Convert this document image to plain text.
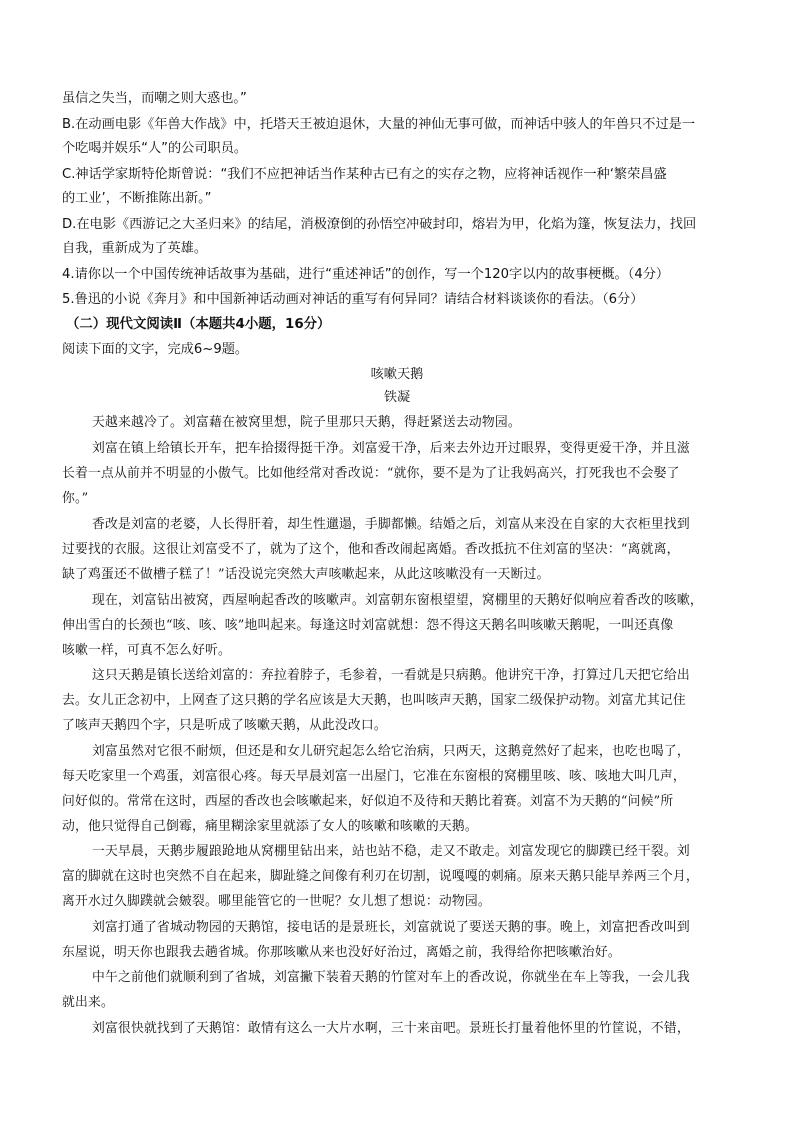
虽信之失当，而嘲之则大惑也。”
B.在动画电影《年兽大作战》中，托塔天王被迫退休，大量的神仙无事可做，而神话中骇人的年兽只不过是一
个吃喝并娱乐“人”的公司职员。
C.神话学家斯特伦斯曾说：“我们不应把神话当作某种古已有之的实存之物，应将神话视作一种‘繁荣昌盛
的工业’，不断推陈出新。”
D.在电影《西游记之大圣归来》的结尾，消极潦倒的孙悟空冲破封印，熔岩为甲，化焰为篷，恢复法力，找回
自我，重新成为了英雄。
4.请你以一个中国传统神话故事为基础，进行“重述神话”的创作，写一个120字以内的故事梗概。（4分）
5.鲁迅的小说《奔月》和中国新神话动画对神话的重写有何异同？请结合材料谈谈你的看法。（6分）
（二）现代文阅读Ⅱ（本题共4小题，16分）
阅读下面的文字，完成6~9题。
咳嗽天鹅
铁凝
天越来越冷了。刘富藉在被窝里想，院子里那只天鹅，得赶紧送去动物园。
刘富在镇上给镇长开车，把车拾掇得挺干净。刘富爱干净，后来去外边开过眼界，变得更爱干净，并且滋
长着一点从前并不明显的小傲气。比如他经常对香改说：“就你，要不是为了让我妈高兴，打死我也不会娶了
你。”
香改是刘富的老婆，人长得肝着，却生性邋遢，手脚都懒。结婚之后，刘富从来没在自家的大衣柜里找到
过要找的衣服。这很让刘富受不了，就为了这个，他和香改闹起离婚。香改抵抗不住刘富的坚决：“离就离，
缺了鸡蛋还不做槽子糕了！”话没说完突然大声咳嗽起来，从此这咳嗽没有一天断过。
现在，刘富钻出被窝，西屋响起香改的咳嗽声。刘富朝东窗根望望，窝棚里的天鹅好似响应着香改的咳嗽，
伸出雪白的长颈也“咳、咳、咳”地叫起来。每逢这时刘富就想：怨不得这天鹅名叫咳嗽天鹅呢，一叫还真像
咳嗽一样，可真不怎么好听。
这只天鹅是镇长送给刘富的：弃拉着脖子，毛参着，一看就是只病鹅。他讲究干净，打算过几天把它给出
去。女儿正念初中，上网查了这只鹅的学名应该是大天鹅，也叫咳声天鹅，国家二级保护动物。刘富尤其记住
了咳声天鹅四个字，只是听成了咳嗽天鹅，从此没改口。
刘富虽然对它很不耐烦，但还是和女儿研究起怎么给它治病，只两天，这鹅竟然好了起来，也吃也喝了，
每天吃家里一个鸡蛋，刘富很心疼。每天早晨刘富一出屋门，它准在东窗根的窝棚里咳、咳、咳地大叫几声，
问好似的。常常在这时，西屋的香改也会咳嗽起来，好似迫不及待和天鹅比着赛。刘富不为天鹅的“问候”所
动，他只觉得自己倒霉，痛里糊涂家里就添了女人的咳嗽和咳嗽的天鹅。
一天早晨，天鹅步履踉跄地从窝棚里钻出来，站也站不稳，走又不敢走。刘富发现它的脚蹼已经干裂。刘
富的脚就在这时也突然不自在起来，脚趾缝之间像有利刃在切割，说嘎嘎的刺痛。原来天鹅只能早养两三个月，
离开水过久脚蹼就会皴裂。哪里能管它的一世呢？女儿想了想说：动物园。
刘富打通了省城动物园的天鹅馆，接电话的是景班长，刘富就说了要送天鹅的事。晚上，刘富把香改叫到
东屋说，明天你也跟我去趟省城。你那咳嗽从来也没好好治过，离婚之前，我得给你把咳嗽治好。
中午之前他们就顺利到了省城，刘富撇下装着天鹅的竹筐对车上的香改说，你就坐在车上等我，一会儿我
就出来。
刘富很快就找到了天鹅馆：敢情有这么一大片水啊，三十来亩吧。景班长打量着他怀里的竹筐说，不错，
